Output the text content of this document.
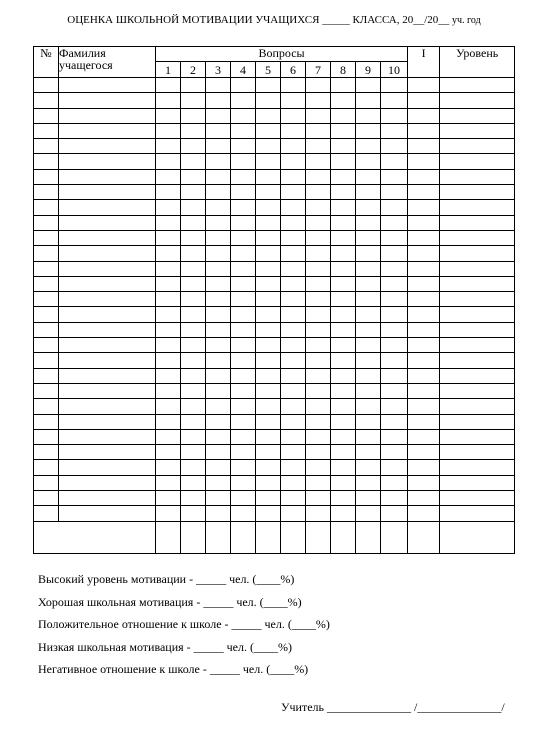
ОЦЕНКА ШКОЛЬНОЙ МОТИВАЦИИ УЧАЩИХСЯ _____ КЛАССА, 20__/20__ уч. год
№	Фамилия учащегося	Вопросы										I	Уровень
		1	2	3	4	5	6	7	8	9	10		

Высокий уровень мотивации - _____ чел. (____%)
Хорошая школьная мотивация - _____ чел. (____%)
Положительное отношение к школе - _____ чел. (____%)
Низкая школьная мотивация - _____ чел. (____%)
Негативное отношение к школе - _____ чел. (____%)
Учитель ______________ /______________/
